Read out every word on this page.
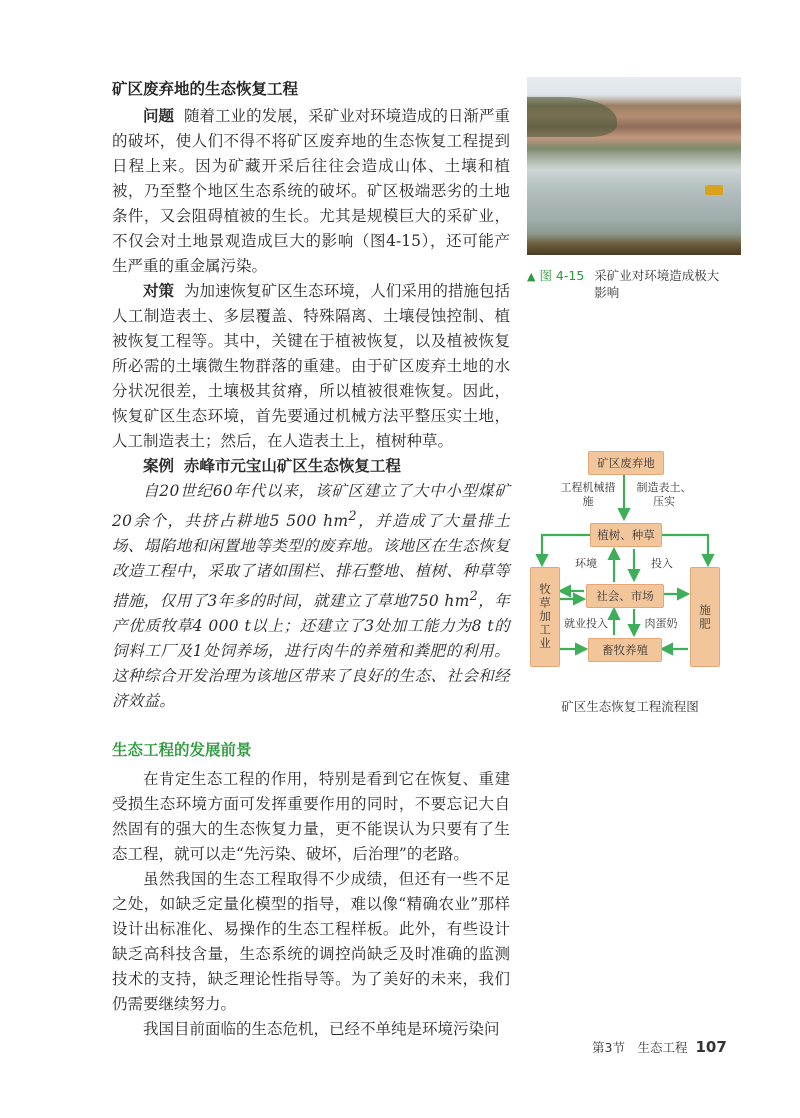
矿区废弃地的生态恢复工程

问题 随着工业的发展，采矿业对环境造成的日渐严重的破坏，使人们不得不将矿区废弃地的生态恢复工程提到日程上来。因为矿藏开采后往往会造成山体、土壤和植被，乃至整个地区生态系统的破坏。矿区极端恶劣的土地条件，又会阻碍植被的生长。尤其是规模巨大的采矿业，不仅会对土地景观造成巨大的影响（图4-15），还可能产生严重的重金属污染。

对策 为加速恢复矿区生态环境，人们采用的措施包括人工制造表土、多层覆盖、特殊隔离、土壤侵蚀控制、植被恢复工程等。其中，关键在于植被恢复，以及植被恢复所必需的土壤微生物群落的重建。由于矿区废弃土地的水分状况很差，土壤极其贫瘠，所以植被很难恢复。因此，恢复矿区生态环境，首先要通过机械方法平整压实土地，人工制造表土；然后，在人造表土上，植树种草。

案例 赤峰市元宝山矿区生态恢复工程

自20世纪60年代以来，该矿区建立了大中小型煤矿20余个，共挤占耕地5 500 $hm^2$，并造成了大量排土场、塌陷地和闲置地等类型的废弃地。该地区在生态恢复改造工程中，采取了诸如围栏、排石整地、植树、种草等措施，仅用了3年多的时间，就建立了草地750 $hm^2$，年产优质牧草4 000 t以上；还建立了3处加工能力为8 t的饲料工厂及1处饲养场，进行肉牛的养殖和粪肥的利用。这种综合开发治理为该地区带来了良好的生态、社会和经济效益。

生态工程的发展前景

在肯定生态工程的作用，特别是看到它在恢复、重建受损生态环境方面可发挥重要作用的同时，不要忘记大自然固有的强大的生态恢复力量，更不能误认为只要有了生态工程，就可以走“先污染、破坏，后治理”的老路。

虽然我国的生态工程取得不少成绩，但还有一些不足之处，如缺乏定量化模型的指导，难以像“精确农业”那样设计出标准化、易操作的生态工程样板。此外，有些设计缺乏高科技含量，生态系统的调控尚缺乏及时准确的监测技术的支持，缺乏理论性指导等。为了美好的未来，我们仍需要继续努力。

我国目前面临的生态危机，已经不单纯是环境污染问

▲ 图 4-15 采矿业对环境造成极大影响
矿区废弃地
工程机械措施
制造表土、压实
植树、种草
环境	投入
社会、市场
牧草加工业	施肥
就业投入	肉蛋奶
畜牧养殖
矿区生态恢复工程流程图
第3节　生态工程 107
